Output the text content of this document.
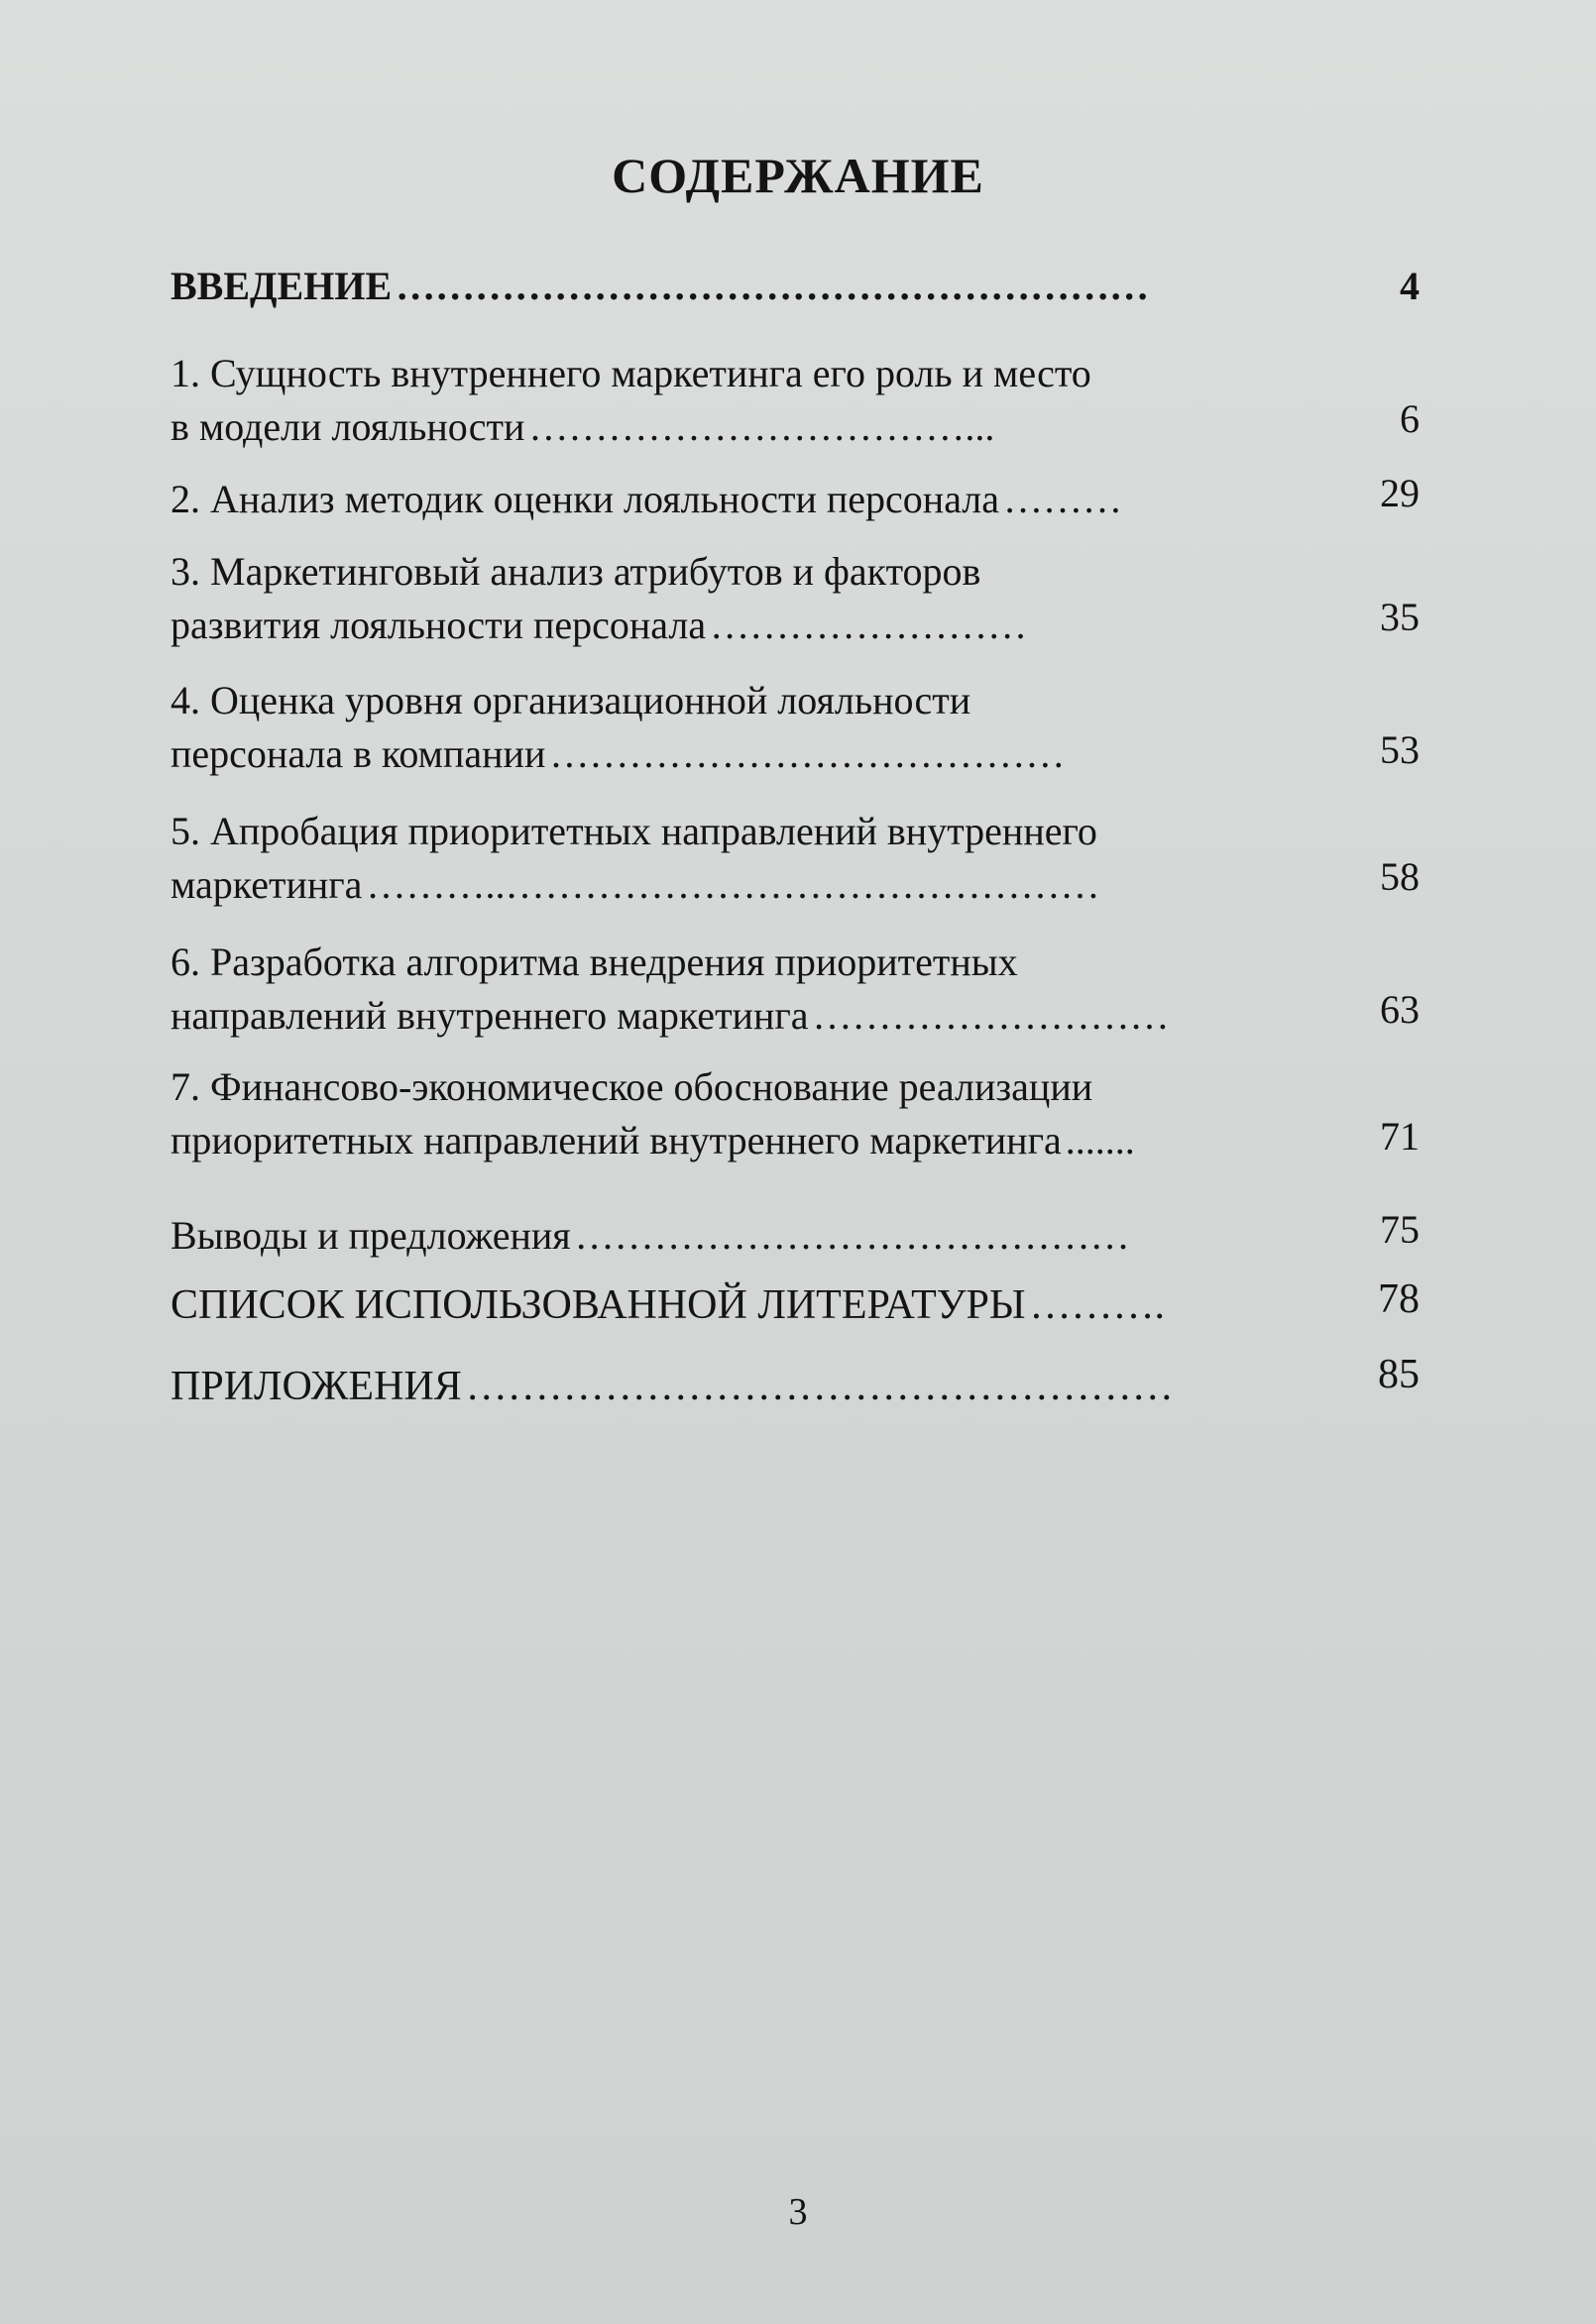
СОДЕРЖАНИЕ
ВВЕДЕНИЕ …………………………………………………	4
1. Сущность внутреннего маркетинга его роль и место
в модели лояльности ……………………………...	6
2. Анализ методик оценки лояльности персонала ………	29
3. Маркетинговый анализ атрибутов и факторов
развития лояльности персонала ……………………	35
4. Оценка уровня организационной лояльности
персонала в компании …………………………………	53
5. Апробация приоритетных направлений внутреннего
маркетинга ………..………………………………………	58
6. Разработка алгоритма внедрения приоритетных
направлений внутреннего маркетинга ………………………	63
7. Финансово-экономическое обоснование реализации
приоритетных направлений внутреннего маркетинга .......	71
Выводы и предложения ……………………………………	75
СПИСОК ИСПОЛЬЗОВАННОЙ ЛИТЕРАТУРЫ ……….	78
ПРИЛОЖЕНИЯ ……………………………………………	85
3
